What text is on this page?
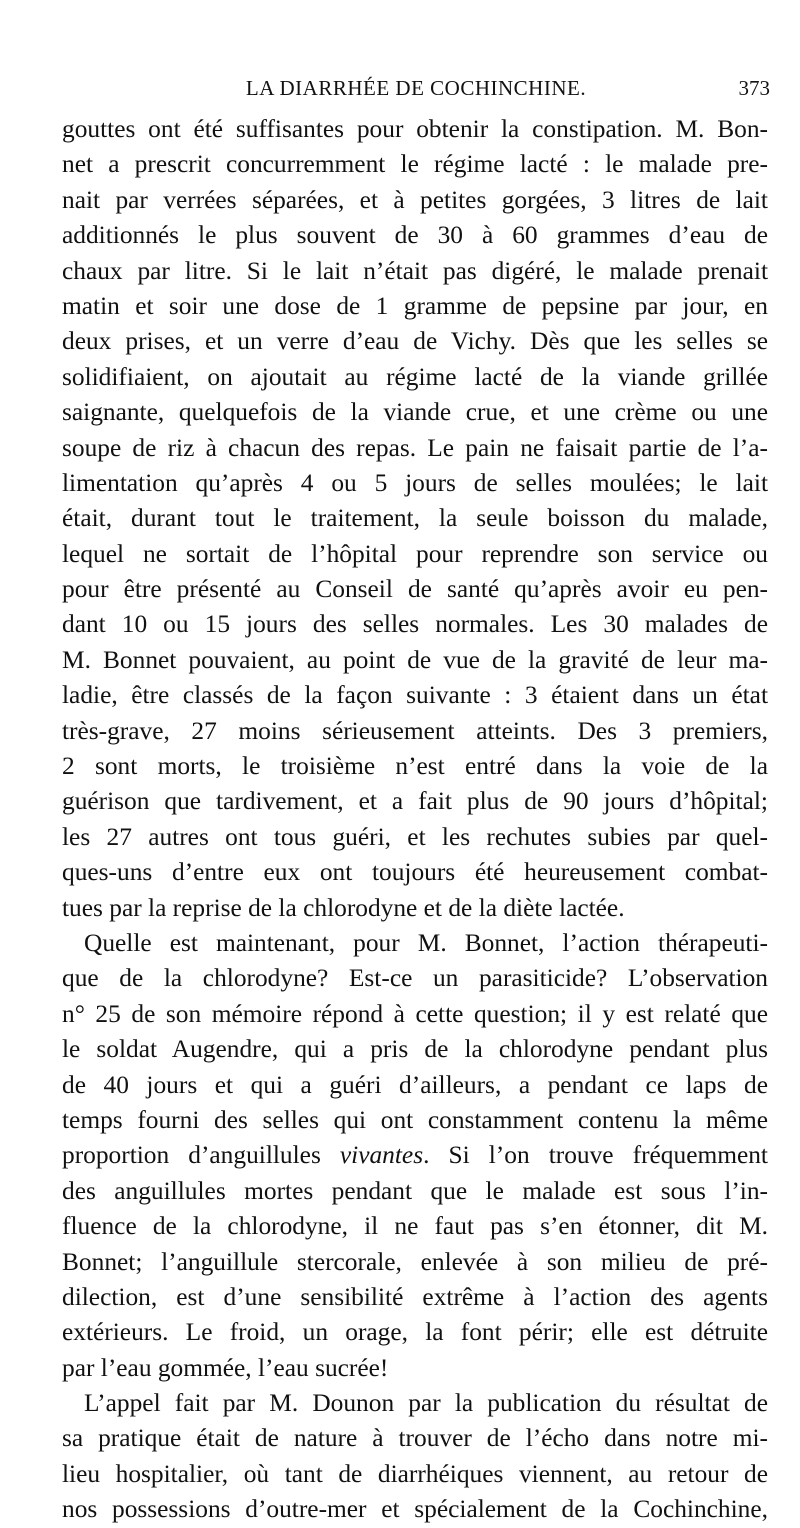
LA DIARRHÉE DE COCHINCHINE.	373
gouttes ont été suffisantes pour obtenir la constipation. M. Bon-
net a prescrit concurremment le régime lacté : le malade pre-
nait par verrées séparées, et à petites gorgées, 3 litres de lait
additionnés le plus souvent de 30 à 60 grammes d’eau de
chaux par litre. Si le lait n’était pas digéré, le malade prenait
matin et soir une dose de 1 gramme de pepsine par jour, en
deux prises, et un verre d’eau de Vichy. Dès que les selles se
solidifiaient, on ajoutait au régime lacté de la viande grillée
saignante, quelquefois de la viande crue, et une crème ou une
soupe de riz à chacun des repas. Le pain ne faisait partie de l’a-
limentation qu’après 4 ou 5 jours de selles moulées; le lait
était, durant tout le traitement, la seule boisson du malade,
lequel ne sortait de l’hôpital pour reprendre son service ou
pour être présenté au Conseil de santé qu’après avoir eu pen-
dant 10 ou 15 jours des selles normales. Les 30 malades de
M. Bonnet pouvaient, au point de vue de la gravité de leur ma-
ladie, être classés de la façon suivante : 3 étaient dans un état
très-grave, 27 moins sérieusement atteints. Des 3 premiers,
2 sont morts, le troisième n’est entré dans la voie de la
guérison que tardivement, et a fait plus de 90 jours d’hôpital;
les 27 autres ont tous guéri, et les rechutes subies par quel-
ques-uns d’entre eux ont toujours été heureusement combat-
tues par la reprise de la chlorodyne et de la diète lactée.
Quelle est maintenant, pour M. Bonnet, l’action thérapeuti-
que de la chlorodyne? Est-ce un parasiticide? L’observation
n° 25 de son mémoire répond à cette question; il y est relaté que
le soldat Augendre, qui a pris de la chlorodyne pendant plus
de 40 jours et qui a guéri d’ailleurs, a pendant ce laps de
temps fourni des selles qui ont constamment contenu la même
proportion d’anguillules vivantes. Si l’on trouve fréquemment
des anguillules mortes pendant que le malade est sous l’in-
fluence de la chlorodyne, il ne faut pas s’en étonner, dit M.
Bonnet; l’anguillule stercorale, enlevée à son milieu de pré-
dilection, est d’une sensibilité extrême à l’action des agents
extérieurs. Le froid, un orage, la font périr; elle est détruite
par l’eau gommée, l’eau sucrée!
L’appel fait par M. Dounon par la publication du résultat de
sa pratique était de nature à trouver de l’écho dans notre mi-
lieu hospitalier, où tant de diarrhéiques viennent, au retour de
nos possessions d’outre-mer et spécialement de la Cochinchine,
